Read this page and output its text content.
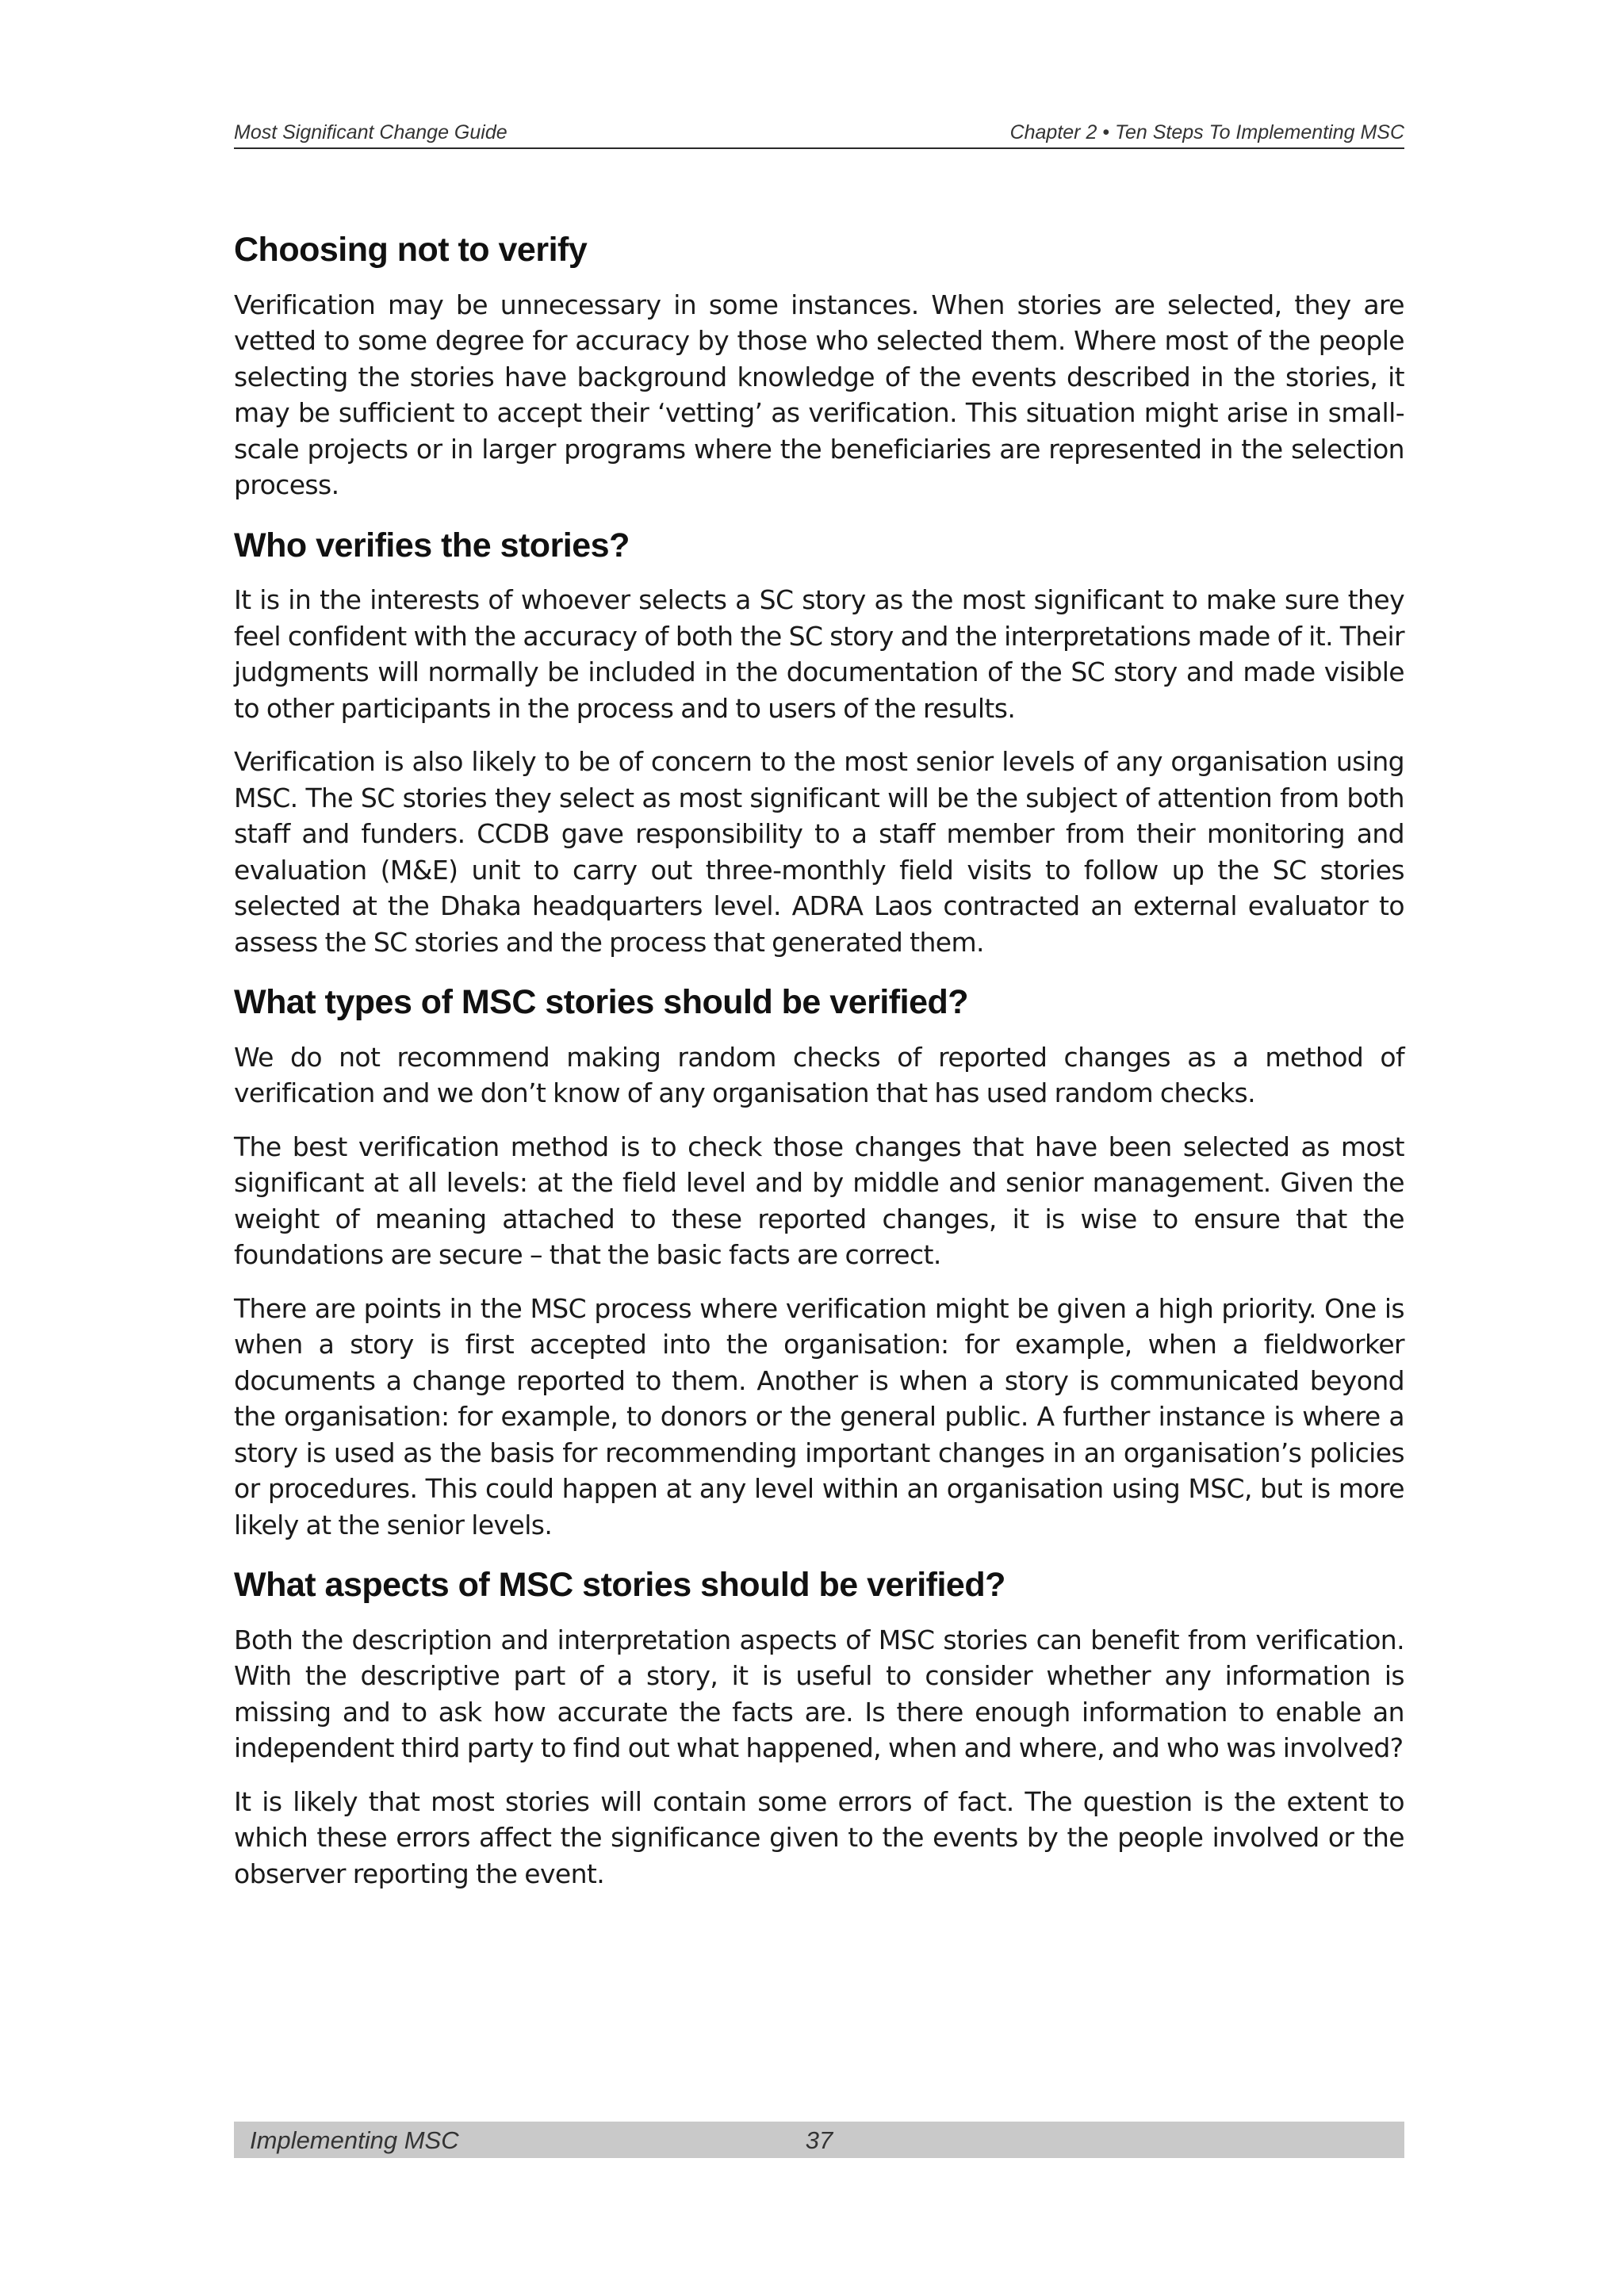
Most Significant Change Guide	Chapter 2 • Ten Steps To Implementing MSC
Choosing not to verify

Verification may be unnecessary in some instances. When stories are selected, they are vetted to some degree for accuracy by those who selected them. Where most of the people selecting the stories have background knowledge of the events described in the stories, it may be sufficient to accept their ‘vetting’ as verification. This situation might arise in small-scale projects or in larger programs where the beneficiaries are represented in the selection process.

Who verifies the stories?

It is in the interests of whoever selects a SC story as the most significant to make sure they feel confident with the accuracy of both the SC story and the interpretations made of it. Their judgments will normally be included in the documentation of the SC story and made visible to other participants in the process and to users of the results.

Verification is also likely to be of concern to the most senior levels of any organisation using MSC. The SC stories they select as most significant will be the subject of attention from both staff and funders. CCDB gave responsibility to a staff member from their monitoring and evaluation (M&E) unit to carry out three-monthly field visits to follow up the SC stories selected at the Dhaka headquarters level. ADRA Laos contracted an external evaluator to assess the SC stories and the process that generated them.

What types of MSC stories should be verified?

We do not recommend making random checks of reported changes as a method of verification and we don’t know of any organisation that has used random checks.

The best verification method is to check those changes that have been selected as most significant at all levels: at the field level and by middle and senior management. Given the weight of meaning attached to these reported changes, it is wise to ensure that the foundations are secure – that the basic facts are correct.

There are points in the MSC process where verification might be given a high priority. One is when a story is first accepted into the organisation: for example, when a fieldworker documents a change reported to them. Another is when a story is communicated beyond the organisation: for example, to donors or the general public. A further instance is where a story is used as the basis for recommending important changes in an organisation’s policies or procedures. This could happen at any level within an organisation using MSC, but is more likely at the senior levels.

What aspects of MSC stories should be verified?

Both the description and interpretation aspects of MSC stories can benefit from verification. With the descriptive part of a story, it is useful to consider whether any information is missing and to ask how accurate the facts are. Is there enough information to enable an independent third party to find out what happened, when and where, and who was involved?

It is likely that most stories will contain some errors of fact. The question is the extent to which these errors affect the significance given to the events by the people involved or the observer reporting the event.

Implementing MSC	37
